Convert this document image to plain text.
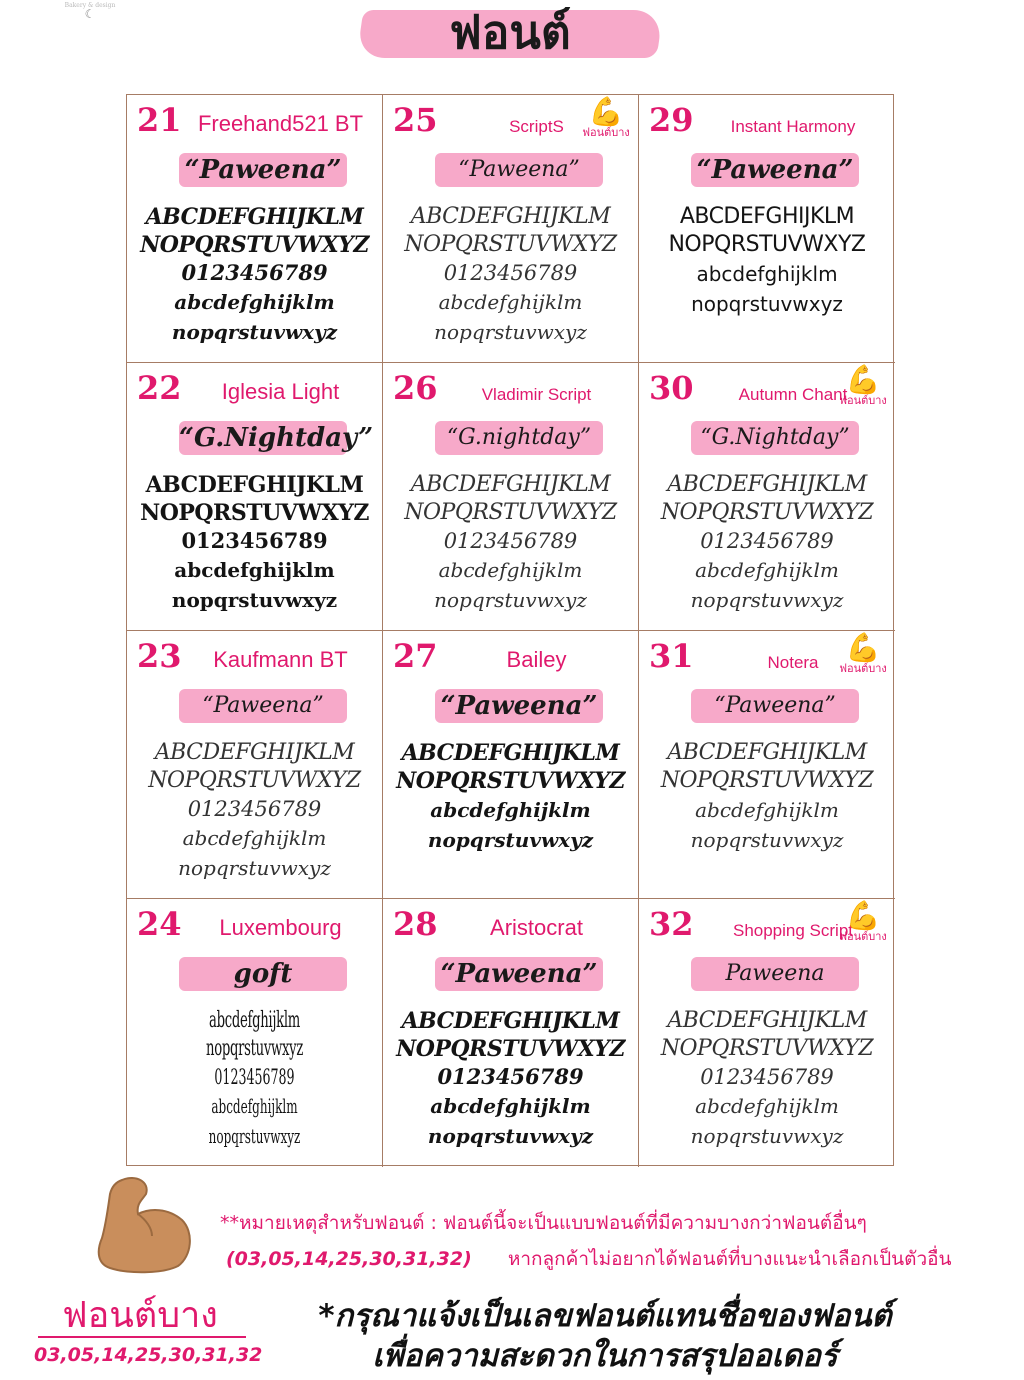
Bakery & design
☾	ฟอนต์
21 Freehand521 BT
“Paweena”
ABCDEFGHIJKLM
NOPQRSTUVWXYZ
0123456789
abcdefghijklm
nopqrstuvwxyz
25	ScriptS 💪
ฟอนต์บาง
“Paweena”
ABCDEFGHIJKLM
NOPQRSTUVWXYZ
0123456789
abcdefghijklm
nopqrstuvwxyz
29	Instant Harmony
“Paweena”
ABCDEFGHIJKLM
NOPQRSTUVWXYZ
abcdefghijklm
nopqrstuvwxyz
22	Iglesia Light
“G.Nightday”
ABCDEFGHIJKLM
NOPQRSTUVWXYZ
0123456789
abcdefghijklm
nopqrstuvwxyz
26	Vladimir Script
“G.nightday”
ABCDEFGHIJKLM
NOPQRSTUVWXYZ
0123456789
abcdefghijklm
nopqrstuvwxyz
30	Autumn Chant
💪
ฟอนต์บาง
“G.Nightday”
ABCDEFGHIJKLM
NOPQRSTUVWXYZ
0123456789
abcdefghijklm
nopqrstuvwxyz
23	Kaufmann BT
“Paweena”
ABCDEFGHIJKLM
NOPQRSTUVWXYZ
0123456789
abcdefghijklm
nopqrstuvwxyz
27	Bailey
“Paweena”
ABCDEFGHIJKLM
NOPQRSTUVWXYZ
abcdefghijklm
nopqrstuvwxyz
31	Notera 💪
ฟอนต์บาง
“Paweena”
ABCDEFGHIJKLM
NOPQRSTUVWXYZ
abcdefghijklm
nopqrstuvwxyz
24	Luxembourg
goft
abcdefghijklm
nopqrstuvwxyz
0123456789
abcdefghijklm
nopqrstuvwxyz
28	Aristocrat
“Paweena”
ABCDEFGHIJKLM
NOPQRSTUVWXYZ
0123456789
abcdefghijklm
nopqrstuvwxyz
32	Shopping Script
💪
ฟอนต์บาง
Paweena
ABCDEFGHIJKLM
NOPQRSTUVWXYZ
0123456789
abcdefghijklm
nopqrstuvwxyz
**หมายเหตุสำหรับฟอนต์ : ฟอนต์นี้จะเป็นแบบฟอนต์ที่มีความบางกว่าฟอนต์อื่นๆ
(03,05,14,25,30,31,32) หากลูกค้าไม่อยากได้ฟอนต์ที่บางแนะนำเลือกเป็นตัวอื่น
ฟอนต์บาง
03,05,14,25,30,31,32
*กรุณาแจ้งเป็นเลขฟอนต์แทนชื่อของฟอนต์
เพื่อความสะดวกในการสรุปออเดอร์
